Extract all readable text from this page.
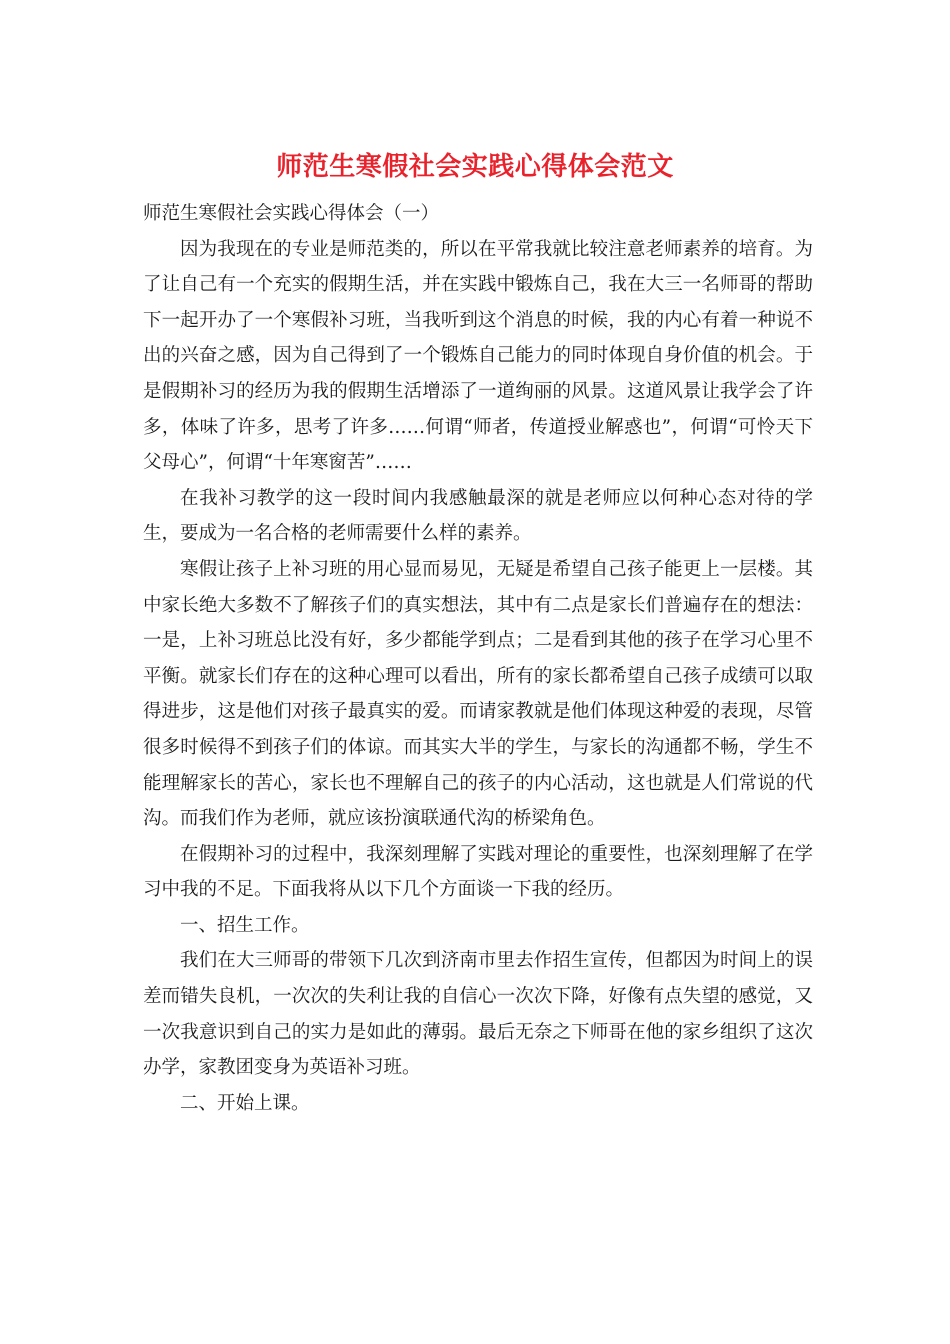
师范生寒假社会实践心得体会范文

师范生寒假社会实践心得体会（一）

因为我现在的专业是师范类的，所以在平常我就比较注意老师素养的培育。为了让自己有一个充实的假期生活，并在实践中锻炼自己，我在大三一名师哥的帮助下一起开办了一个寒假补习班，当我听到这个消息的时候，我的内心有着一种说不出的兴奋之感，因为自己得到了一个锻炼自己能力的同时体现自身价值的机会。于是假期补习的经历为我的假期生活增添了一道绚丽的风景。这道风景让我学会了许多，体味了许多，思考了许多……何谓“师者，传道授业解惑也”，何谓“可怜天下父母心”，何谓“十年寒窗苦”……

在我补习教学的这一段时间内我感触最深的就是老师应以何种心态对待的学生，要成为一名合格的老师需要什么样的素养。

寒假让孩子上补习班的用心显而易见，无疑是希望自己孩子能更上一层楼。其中家长绝大多数不了解孩子们的真实想法，其中有二点是家长们普遍存在的想法：一是，上补习班总比没有好，多少都能学到点；二是看到其他的孩子在学习心里不平衡。就家长们存在的这种心理可以看出，所有的家长都希望自己孩子成绩可以取得进步，这是他们对孩子最真实的爱。而请家教就是他们体现这种爱的表现，尽管很多时候得不到孩子们的体谅。而其实大半的学生，与家长的沟通都不畅，学生不能理解家长的苦心，家长也不理解自己的孩子的内心活动，这也就是人们常说的代沟。而我们作为老师，就应该扮演联通代沟的桥梁角色。

在假期补习的过程中，我深刻理解了实践对理论的重要性，也深刻理解了在学习中我的不足。下面我将从以下几个方面谈一下我的经历。

一、招生工作。

我们在大三师哥的带领下几次到济南市里去作招生宣传，但都因为时间上的误差而错失良机，一次次的失利让我的自信心一次次下降，好像有点失望的感觉，又一次我意识到自己的实力是如此的薄弱。最后无奈之下师哥在他的家乡组织了这次办学，家教团变身为英语补习班。

二、开始上课。
